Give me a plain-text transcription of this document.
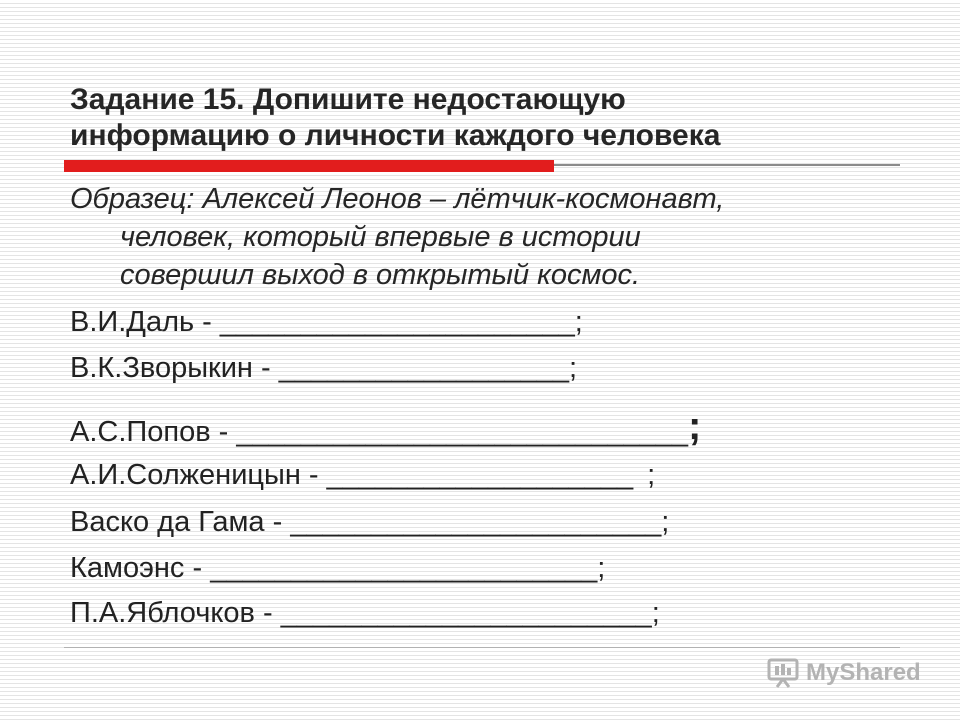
Задание 15. Допишите недостающую
информацию о личности каждого человека
Образец: Алексей Леонов – лётчик-космонавт,
человек, который впервые в истории
совершил выход в открытый космос.
В.И.Даль - ______________________;
В.К.Зворыкин - __________________;
А.С.Попов - ____________________________;
А.И.Солженицын - ___________________ ;
Васко да Гама - _______________________;
Камоэнс - ________________________;
П.А.Яблочков - _______________________;
MyShared
